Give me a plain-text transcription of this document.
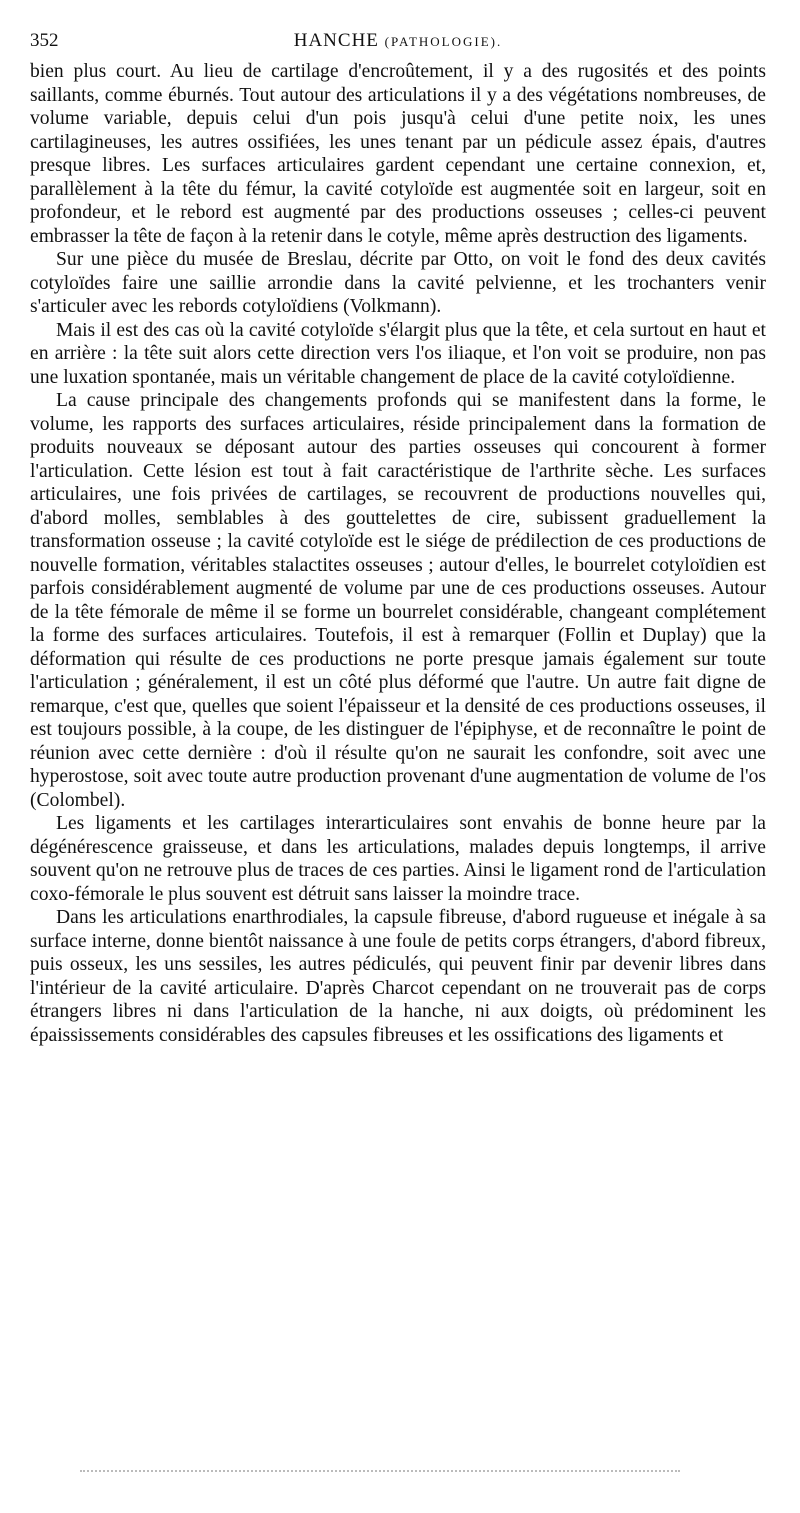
352	HANCHE (PATHOLOGIE).

bien plus court. Au lieu de cartilage d'encroûtement, il y a des rugosités et des points saillants, comme éburnés. Tout autour des articulations il y a des végétations nombreuses, de volume variable, depuis celui d'un pois jusqu'à celui d'une petite noix, les unes cartilagineuses, les autres ossifiées, les unes tenant par un pédicule assez épais, d'autres presque libres. Les surfaces articulaires gardent cependant une certaine connexion, et, parallèlement à la tête du fémur, la cavité cotyloïde est augmentée soit en largeur, soit en profondeur, et le rebord est augmenté par des productions osseuses ; celles-ci peuvent embrasser la tête de façon à la retenir dans le cotyle, même après destruction des ligaments.

Sur une pièce du musée de Breslau, décrite par Otto, on voit le fond des deux cavités cotyloïdes faire une saillie arrondie dans la cavité pelvienne, et les trochanters venir s'articuler avec les rebords cotyloïdiens (Volkmann).

Mais il est des cas où la cavité cotyloïde s'élargit plus que la tête, et cela surtout en haut et en arrière : la tête suit alors cette direction vers l'os iliaque, et l'on voit se produire, non pas une luxation spontanée, mais un véritable changement de place de la cavité cotyloïdienne.

La cause principale des changements profonds qui se manifestent dans la forme, le volume, les rapports des surfaces articulaires, réside principalement dans la formation de produits nouveaux se déposant autour des parties osseuses qui concourent à former l'articulation. Cette lésion est tout à fait caractéristique de l'arthrite sèche. Les surfaces articulaires, une fois privées de cartilages, se recouvrent de productions nouvelles qui, d'abord molles, semblables à des gouttelettes de cire, subissent graduellement la transformation osseuse ; la cavité cotyloïde est le siége de prédilection de ces productions de nouvelle formation, véritables stalactites osseuses ; autour d'elles, le bourrelet cotyloïdien est parfois considérablement augmenté de volume par une de ces productions osseuses. Autour de la tête fémorale de même il se forme un bourrelet considérable, changeant complétement la forme des surfaces articulaires. Toutefois, il est à remarquer (Follin et Duplay) que la déformation qui résulte de ces productions ne porte presque jamais également sur toute l'articulation ; généralement, il est un côté plus déformé que l'autre. Un autre fait digne de remarque, c'est que, quelles que soient l'épaisseur et la densité de ces productions osseuses, il est toujours possible, à la coupe, de les distinguer de l'épiphyse, et de reconnaître le point de réunion avec cette dernière : d'où il résulte qu'on ne saurait les confondre, soit avec une hyperostose, soit avec toute autre production provenant d'une augmentation de volume de l'os (Colombel).

Les ligaments et les cartilages interarticulaires sont envahis de bonne heure par la dégénérescence graisseuse, et dans les articulations, malades depuis longtemps, il arrive souvent qu'on ne retrouve plus de traces de ces parties. Ainsi le ligament rond de l'articulation coxo-fémorale le plus souvent est détruit sans laisser la moindre trace.

Dans les articulations enarthrodiales, la capsule fibreuse, d'abord rugueuse et inégale à sa surface interne, donne bientôt naissance à une foule de petits corps étrangers, d'abord fibreux, puis osseux, les uns sessiles, les autres pédiculés, qui peuvent finir par devenir libres dans l'intérieur de la cavité articulaire. D'après Charcot cependant on ne trouverait pas de corps étrangers libres ni dans l'articulation de la hanche, ni aux doigts, où prédominent les épaississements considérables des capsules fibreuses et les ossifications des ligaments et
